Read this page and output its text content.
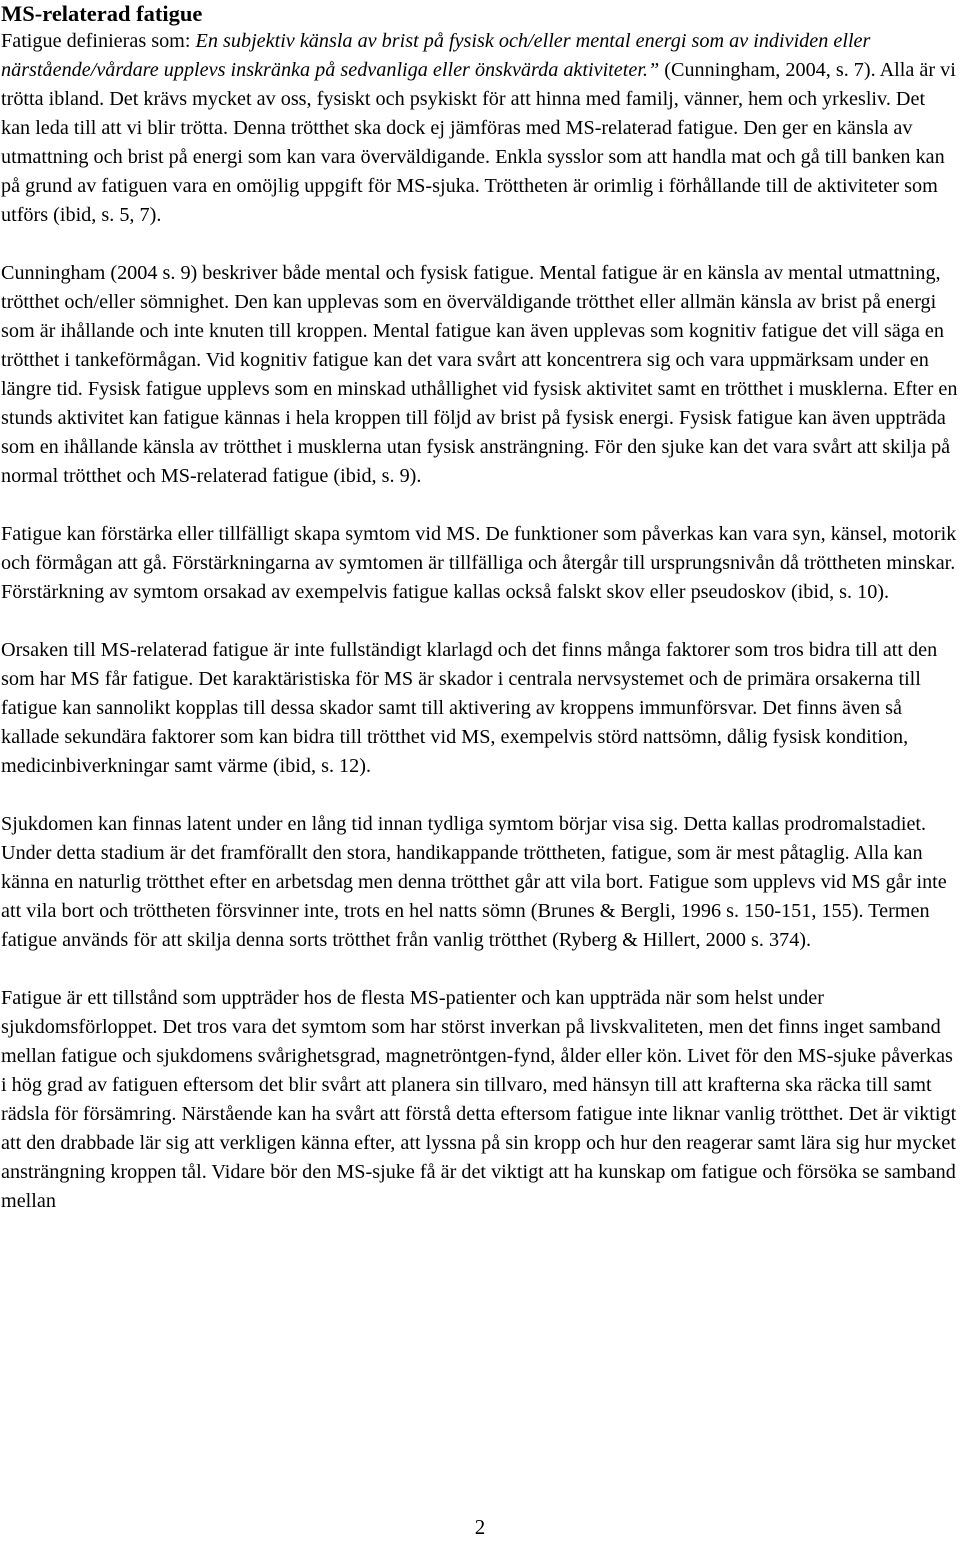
MS-relaterad fatigue

Fatigue definieras som: En subjektiv känsla av brist på fysisk och/eller mental energi som av individen eller närstående/vårdare upplevs inskränka på sedvanliga eller önskvärda aktiviteter.” (Cunningham, 2004, s. 7). Alla är vi trötta ibland. Det krävs mycket av oss, fysiskt och psykiskt för att hinna med familj, vänner, hem och yrkesliv. Det kan leda till att vi blir trötta. Denna trötthet ska dock ej jämföras med MS-relaterad fatigue. Den ger en känsla av utmattning och brist på energi som kan vara överväldigande. Enkla sysslor som att handla mat och gå till banken kan på grund av fatiguen vara en omöjlig uppgift för MS-sjuka. Tröttheten är orimlig i förhållande till de aktiviteter som utförs (ibid, s. 5, 7).

Cunningham (2004 s. 9) beskriver både mental och fysisk fatigue. Mental fatigue är en känsla av mental utmattning, trötthet och/eller sömnighet. Den kan upplevas som en överväldigande trötthet eller allmän känsla av brist på energi som är ihållande och inte knuten till kroppen. Mental fatigue kan även upplevas som kognitiv fatigue det vill säga en trötthet i tankeförmågan. Vid kognitiv fatigue kan det vara svårt att koncentrera sig och vara uppmärksam under en längre tid. Fysisk fatigue upplevs som en minskad uthållighet vid fysisk aktivitet samt en trötthet i musklerna. Efter en stunds aktivitet kan fatigue kännas i hela kroppen till följd av brist på fysisk energi. Fysisk fatigue kan även uppträda som en ihållande känsla av trötthet i musklerna utan fysisk ansträngning. För den sjuke kan det vara svårt att skilja på normal trötthet och MS-relaterad fatigue (ibid, s. 9).

Fatigue kan förstärka eller tillfälligt skapa symtom vid MS. De funktioner som påverkas kan vara syn, känsel, motorik och förmågan att gå. Förstärkningarna av symtomen är tillfälliga och återgår till ursprungsnivån då tröttheten minskar. Förstärkning av symtom orsakad av exempelvis fatigue kallas också falskt skov eller pseudoskov (ibid, s. 10).

Orsaken till MS-relaterad fatigue är inte fullständigt klarlagd och det finns många faktorer som tros bidra till att den som har MS får fatigue. Det karaktäristiska för MS är skador i centrala nervsystemet och de primära orsakerna till fatigue kan sannolikt kopplas till dessa skador samt till aktivering av kroppens immunförsvar. Det finns även så kallade sekundära faktorer som kan bidra till trötthet vid MS, exempelvis störd nattsömn, dålig fysisk kondition, medicinbiverkningar samt värme (ibid, s. 12).

Sjukdomen kan finnas latent under en lång tid innan tydliga symtom börjar visa sig. Detta kallas prodromalstadiet. Under detta stadium är det framförallt den stora, handikappande tröttheten, fatigue, som är mest påtaglig. Alla kan känna en naturlig trötthet efter en arbetsdag men denna trötthet går att vila bort. Fatigue som upplevs vid MS går inte att vila bort och tröttheten försvinner inte, trots en hel natts sömn (Brunes & Bergli, 1996 s. 150-151, 155). Termen fatigue används för att skilja denna sorts trötthet från vanlig trötthet (Ryberg & Hillert, 2000 s. 374).

Fatigue är ett tillstånd som uppträder hos de flesta MS-patienter och kan uppträda när som helst under sjukdomsförloppet. Det tros vara det symtom som har störst inverkan på livskvaliteten, men det finns inget samband mellan fatigue och sjukdomens svårighetsgrad, magnetröntgen-fynd, ålder eller kön. Livet för den MS-sjuke påverkas i hög grad av fatiguen eftersom det blir svårt att planera sin tillvaro, med hänsyn till att krafterna ska räcka till samt rädsla för försämring. Närstående kan ha svårt att förstå detta eftersom fatigue inte liknar vanlig trötthet. Det är viktigt att den drabbade lär sig att verkligen känna efter, att lyssna på sin kropp och hur den reagerar samt lära sig hur mycket ansträngning kroppen tål. Vidare bör den MS-sjuke få är det viktigt att ha kunskap om fatigue och försöka se samband mellan

2
